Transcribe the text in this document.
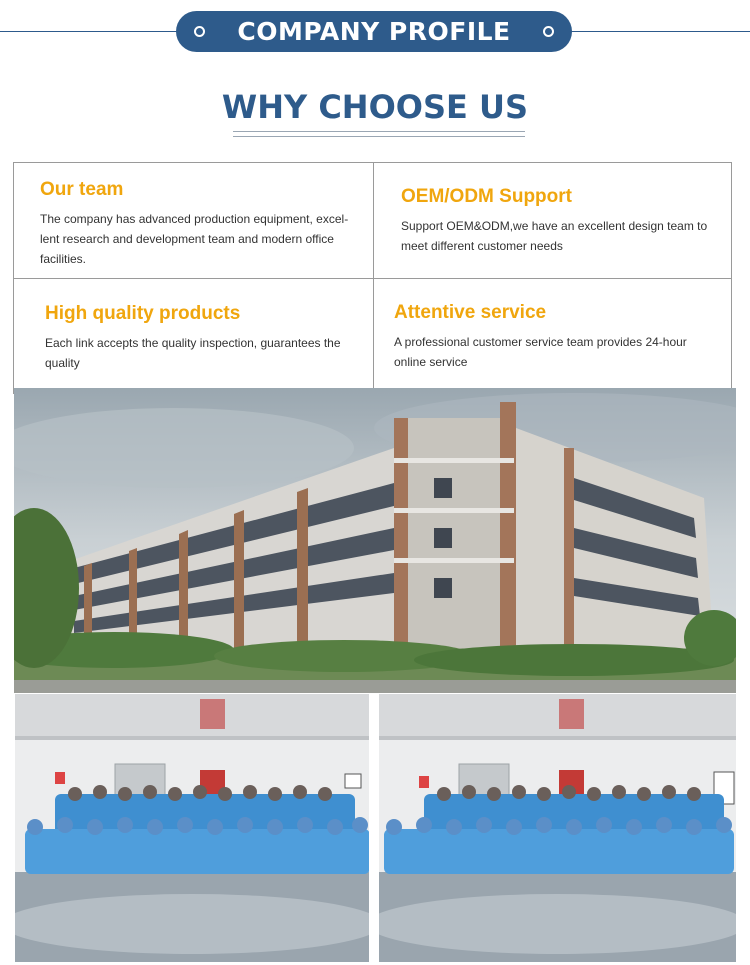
COMPANY PROFILE
WHY CHOOSE US
Our team

The company has advanced production equipment, excel-lent research and development team and modern office facilities.

OEM/ODM Support

Support OEM&ODM,we have an excellent design team to meet different customer needs

High quality products

Each link accepts the quality inspection, guarantees the quality

Attentive service

A professional customer service team provides 24-hour online service
